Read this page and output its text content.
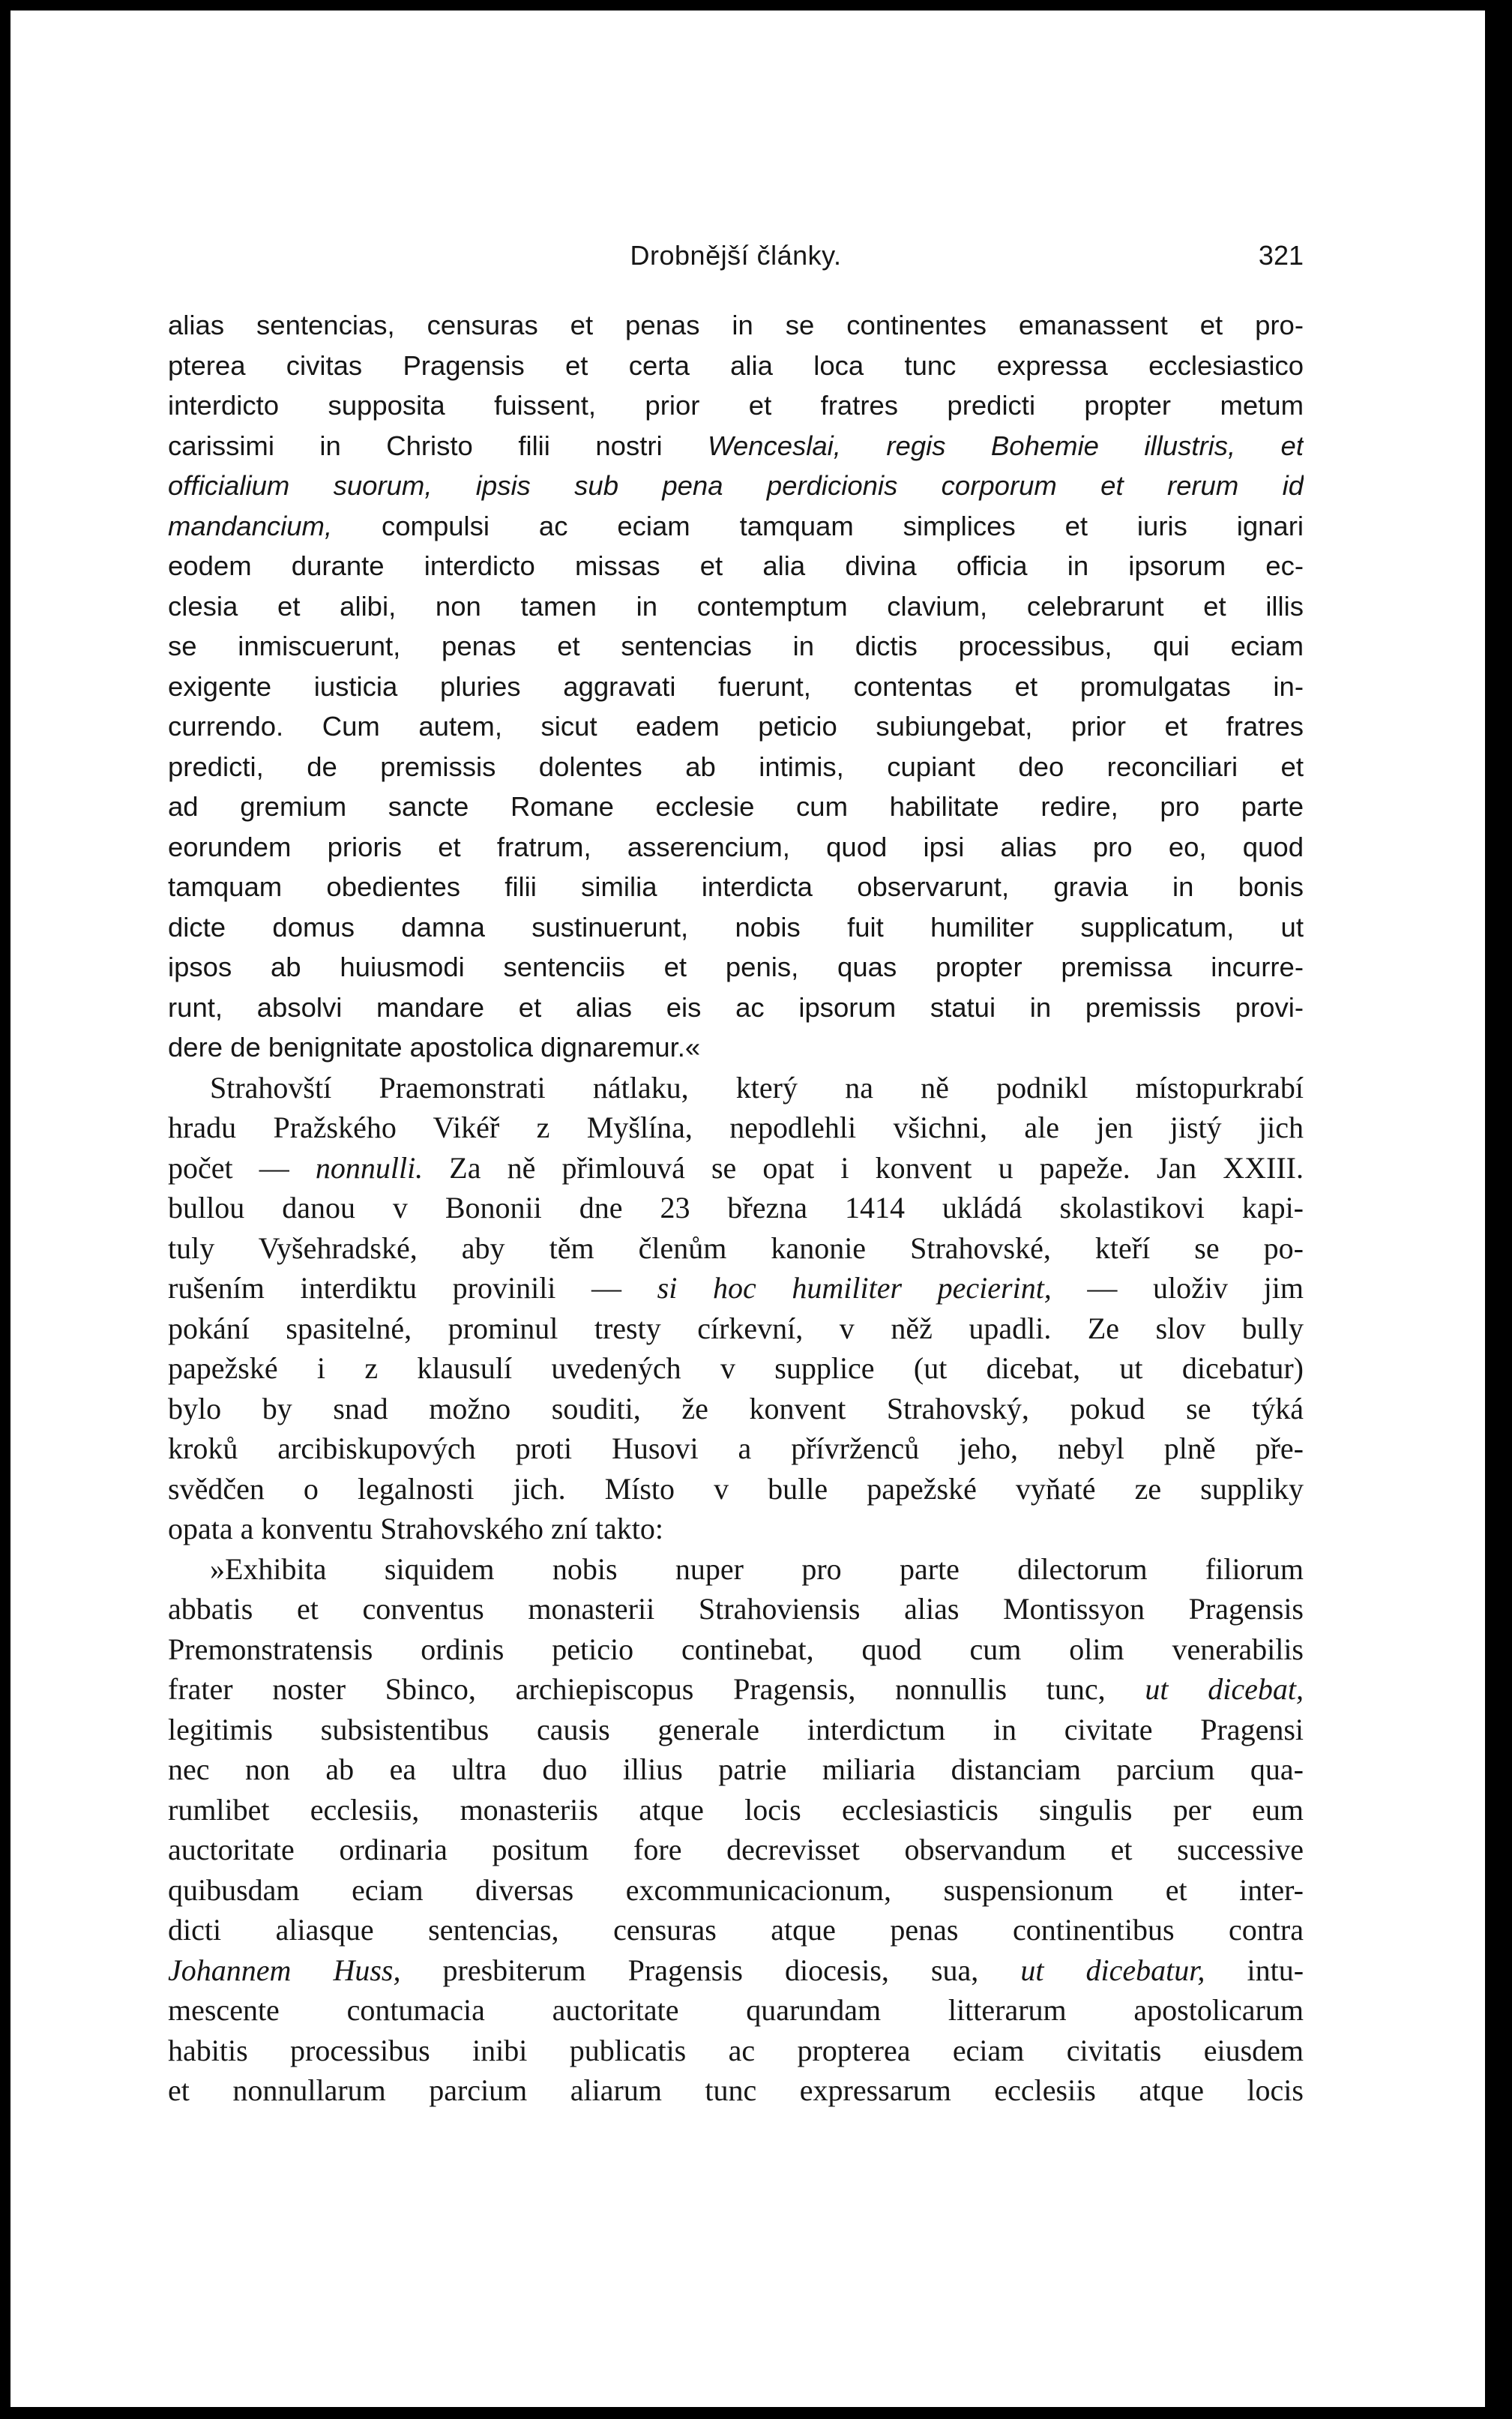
Drobnější články.	321
alias sentencias, censuras et penas in se continentes emanassent et pro-
pterea civitas Pragensis et certa alia loca tunc expressa ecclesiastico
interdicto supposita fuissent, prior et fratres predicti propter metum
carissimi in Christo filii nostri Wenceslai, regis Bohemie illustris, et
officialium suorum, ipsis sub pena perdicionis corporum et rerum id
mandancium, compulsi ac eciam tamquam simplices et iuris ignari
eodem durante interdicto missas et alia divina officia in ipsorum ec-
clesia et alibi, non tamen in contemptum clavium, celebrarunt et illis
se inmiscuerunt, penas et sentencias in dictis processibus, qui eciam
exigente iusticia pluries aggravati fuerunt, contentas et promulgatas in-
currendo. Cum autem, sicut eadem peticio subiungebat, prior et fratres
predicti, de premissis dolentes ab intimis, cupiant deo reconciliari et
ad gremium sancte Romane ecclesie cum habilitate redire, pro parte
eorundem prioris et fratrum, asserencium, quod ipsi alias pro eo, quod
tamquam obedientes filii similia interdicta observarunt, gravia in bonis
dicte domus damna sustinuerunt, nobis fuit humiliter supplicatum, ut
ipsos ab huiusmodi sentenciis et penis, quas propter premissa incurre-
runt, absolvi mandare et alias eis ac ipsorum statui in premissis provi-
dere de benignitate apostolica dignaremur.«
Strahovští Praemonstrati nátlaku, který na ně podnikl místopurkrabí
hradu Pražského Vikéř z Myšlína, nepodlehli všichni, ale jen jistý jich
počet — nonnulli. Za ně přimlouvá se opat i konvent u papeže. Jan XXIII.
bullou danou v Bononii dne 23 března 1414 ukládá skolastikovi kapi-
tuly Vyšehradské, aby těm členům kanonie Strahovské, kteří se po-
rušením interdiktu provinili — si hoc humiliter pecierint, — uloživ jim
pokání spasitelné, prominul tresty církevní, v něž upadli. Ze slov bully
papežské i z klausulí uvedených v supplice (ut dicebat, ut dicebatur)
bylo by snad možno souditi, že konvent Strahovský, pokud se týká
kroků arcibiskupových proti Husovi a přívrženců jeho, nebyl plně pře-
svědčen o legalnosti jich. Místo v bulle papežské vyňaté ze suppliky
opata a konventu Strahovského zní takto:
»Exhibita siquidem nobis nuper pro parte dilectorum filiorum
abbatis et conventus monasterii Strahoviensis alias Montissyon Pragensis
Premonstratensis ordinis peticio continebat, quod cum olim venerabilis
frater noster Sbinco, archiepiscopus Pragensis, nonnullis tunc, ut dicebat,
legitimis subsistentibus causis generale interdictum in civitate Pragensi
nec non ab ea ultra duo illius patrie miliaria distanciam parcium qua-
rumlibet ecclesiis, monasteriis atque locis ecclesiasticis singulis per eum
auctoritate ordinaria positum fore decrevisset observandum et successive
quibusdam eciam diversas excommunicacionum, suspensionum et inter-
dicti aliasque sentencias, censuras atque penas continentibus contra
Johannem Huss, presbiterum Pragensis diocesis, sua, ut dicebatur, intu-
mescente contumacia auctoritate quarundam litterarum apostolicarum
habitis processibus inibi publicatis ac propterea eciam civitatis eiusdem
et nonnullarum parcium aliarum tunc expressarum ecclesiis atque locis
